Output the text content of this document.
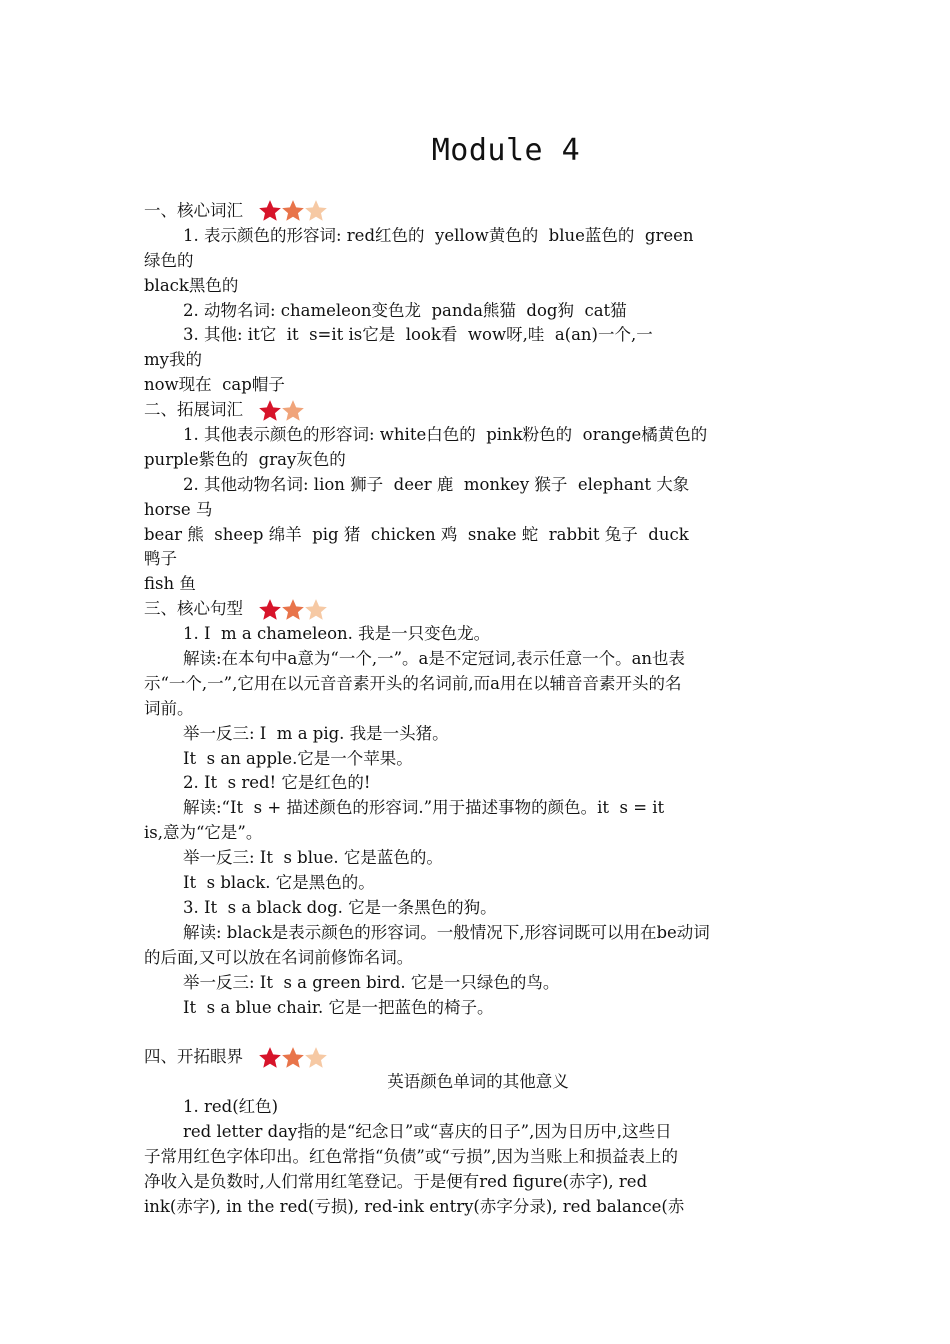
Module 4
一、核心词汇
1. 表示颜色的形容词: red红色的  yellow黄色的  blue蓝色的  green
绿色的
black黑色的
2. 动物名词: chameleon变色龙  panda熊猫  dog狗  cat猫
3. 其他: it它  it  s=it is它是  look看  wow呀,哇  a(an)一个,一
my我的
now现在  cap帽子
二、拓展词汇
1. 其他表示颜色的形容词: white白色的  pink粉色的  orange橘黄色的
purple紫色的  gray灰色的
2. 其他动物名词: lion 狮子  deer 鹿  monkey 猴子  elephant 大象
horse 马
bear 熊  sheep 绵羊  pig 猪  chicken 鸡  snake 蛇  rabbit 兔子  duck
鸭子
fish 鱼
三、核心句型
1. I  m a chameleon. 我是一只变色龙。
解读:在本句中a意为“一个,一”。a是不定冠词,表示任意一个。an也表
示“一个,一”,它用在以元音音素开头的名词前,而a用在以辅音音素开头的名
词前。
举一反三: I  m a pig. 我是一头猪。
It  s an apple.它是一个苹果。
2. It  s red! 它是红色的!
解读:“It  s + 描述颜色的形容词.”用于描述事物的颜色。it  s = it
is,意为“它是”。
举一反三: It  s blue. 它是蓝色的。
It  s black. 它是黑色的。
3. It  s a black dog. 它是一条黑色的狗。
解读: black是表示颜色的形容词。一般情况下,形容词既可以用在be动词
的后面,又可以放在名词前修饰名词。
举一反三: It  s a green bird. 它是一只绿色的鸟。
It  s a blue chair. 它是一把蓝色的椅子。
四、开拓眼界
英语颜色单词的其他意义
1. red(红色)
red letter day指的是“纪念日”或“喜庆的日子”,因为日历中,这些日
子常用红色字体印出。红色常指“负债”或“亏损”,因为当账上和损益表上的
净收入是负数时,人们常用红笔登记。于是便有red figure(赤字), red
ink(赤字), in the red(亏损), red-ink entry(赤字分录), red balance(赤
